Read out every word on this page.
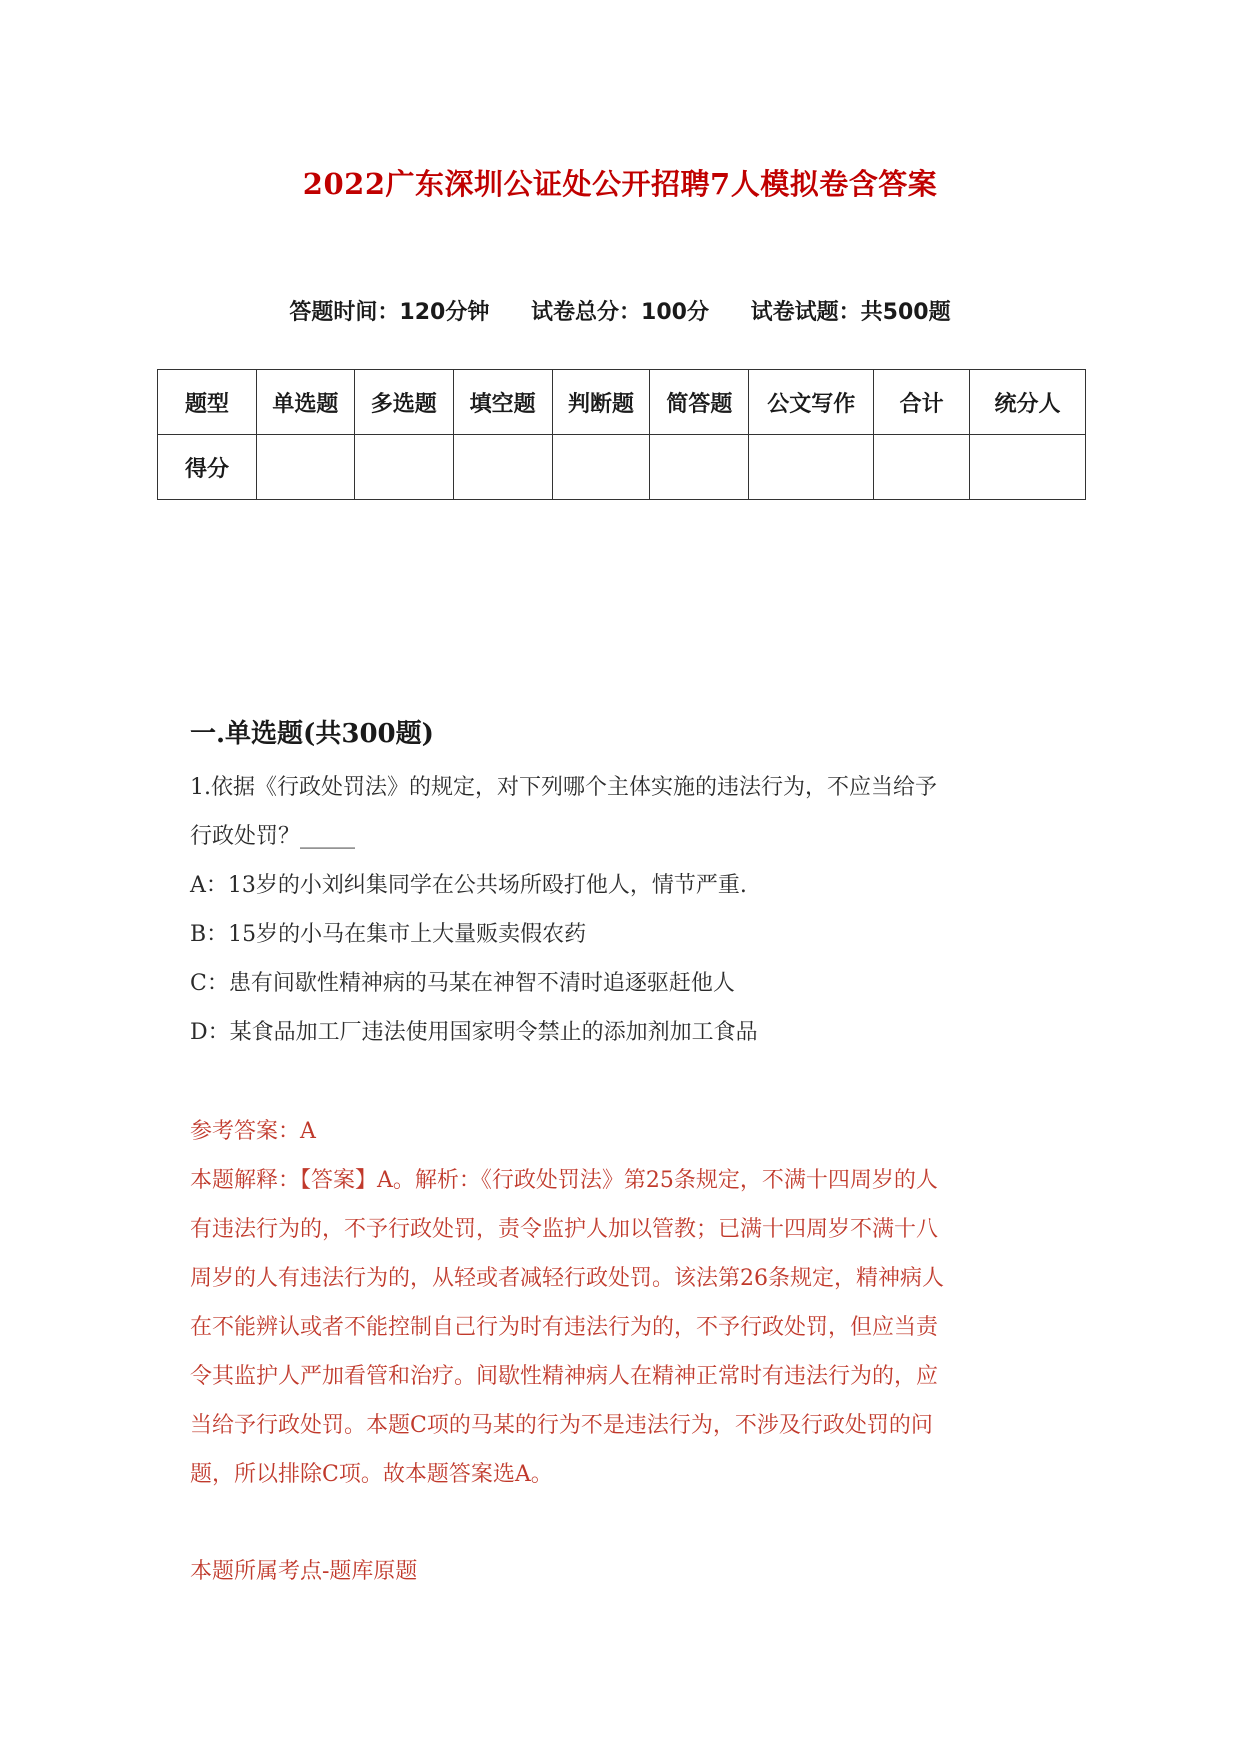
2022广东深圳公证处公开招聘7人模拟卷含答案
答题时间：120分钟 试卷总分：100分 试卷试题：共500题
题型	单选题	多选题	填空题	判断题	简答题	公文写作	合计	统分人
得分								
一.单选题(共300题)
1.依据《行政处罚法》的规定，对下列哪个主体实施的违法行为，不应当给予
行政处罚？_____
A：13岁的小刘纠集同学在公共场所殴打他人，情节严重.
B：15岁的小马在集市上大量贩卖假农药
C：患有间歇性精神病的马某在神智不清时追逐驱赶他人
D：某食品加工厂违法使用国家明令禁止的添加剂加工食品
参考答案：A
本题解释：【答案】A。解析：《行政处罚法》第25条规定，不满十四周岁的人
有违法行为的，不予行政处罚，责令监护人加以管教；已满十四周岁不满十八
周岁的人有违法行为的，从轻或者减轻行政处罚。该法第26条规定，精神病人
在不能辨认或者不能控制自己行为时有违法行为的，不予行政处罚，但应当责
令其监护人严加看管和治疗。间歇性精神病人在精神正常时有违法行为的，应
当给予行政处罚。本题C项的马某的行为不是违法行为，不涉及行政处罚的问
题，所以排除C项。故本题答案选A。
本题所属考点-题库原题
